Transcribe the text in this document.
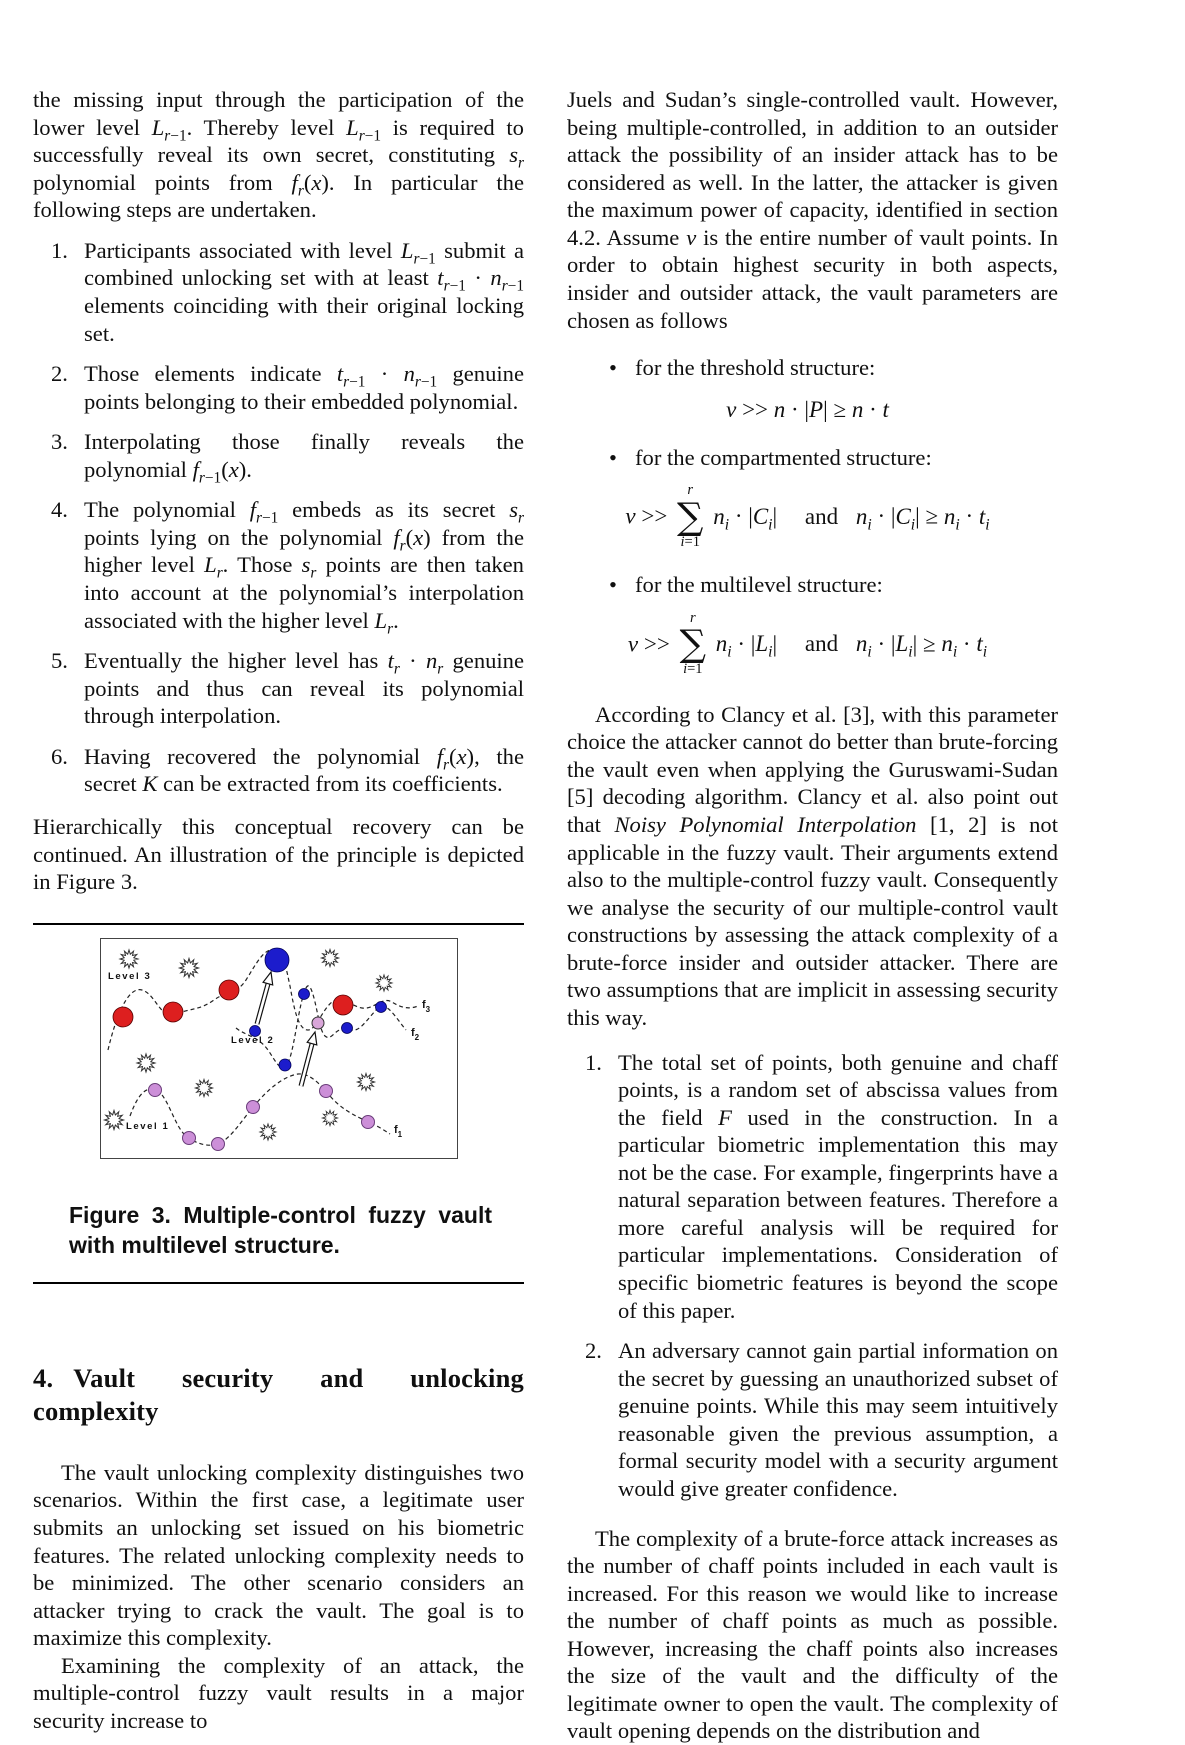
the missing input through the participation of the lower level $L_{r-1}$. Thereby level $L_{r-1}$ is required to successfully reveal its own secret, constituting $s_r$ polynomial points from $f_r(x)$. In particular the following steps are undertaken.

1. Participants associated with level $L_{r-1}$ submit a combined unlocking set with at least $t_{r-1} \cdot n_{r-1}$ elements coinciding with their original locking set.
2. Those elements indicate $t_{r-1} \cdot n_{r-1}$ genuine points belonging to their embedded polynomial.
3. Interpolating those finally reveals the polynomial $f_{r-1}(x)$.
4. The polynomial $f_{r-1}$ embeds as its secret $s_r$ points lying on the polynomial $f_r(x)$ from the higher level $L_r$. Those $s_r$ points are then taken into account at the polynomial’s interpolation associated with the higher level $L_r$.
5. Eventually the higher level has $t_r \cdot n_r$ genuine points and thus can reveal its polynomial through interpolation.
6. Having recovered the polynomial $f_r(x)$, the secret K can be extracted from its coefficients.

Hierarchically this conceptual recovery can be continued. An illustration of the principle is depicted in Figure 3.

Level 3
Level 2
Level 1
$f_3$
$f_2$
$f_1$
Figure 3. Multiple-control fuzzy vault with multilevel structure.
4. Vault security and unlocking complexity

The vault unlocking complexity distinguishes two scenarios. Within the first case, a legitimate user submits an unlocking set issued on his biometric features. The related unlocking complexity needs to be minimized. The other scenario considers an attacker trying to crack the vault. The goal is to maximize this complexity.

Examining the complexity of an attack, the multiple-control fuzzy vault results in a major security increase to

Juels and Sudan’s single-controlled vault. However, being multiple-controlled, in addition to an outsider attack the possibility of an insider attack has to be considered as well. In the latter, the attacker is given the maximum power of capacity, identified in section 4.2. Assume v is the entire number of vault points. In order to obtain highest security in both aspects, insider and outsider attack, the vault parameters are chosen as follows

• for the threshold structure:
v >> n · |P| ≥ n · t
• for the compartmented structure:
v >>
r
∑
i=1
$n_i \cdot |C_i|$ and $n_i \cdot |C_i| \ge n_i \cdot t_i$
• for the multilevel structure:
v >>
r
∑
i=1
$n_i \cdot |L_i|$ and $n_i \cdot |L_i| \ge n_i \cdot t_i$

According to Clancy et al. [3], with this parameter choice the attacker cannot do better than brute-forcing the vault even when applying the Guruswami-Sudan [5] decoding algorithm. Clancy et al. also point out that Noisy Polynomial Interpolation [1, 2] is not applicable in the fuzzy vault. Their arguments extend also to the multiple-control fuzzy vault. Consequently we analyse the security of our multiple-control vault constructions by assessing the attack complexity of a brute-force insider and outsider attacker. There are two assumptions that are implicit in assessing security this way.

1. The total set of points, both genuine and chaff points, is a random set of abscissa values from the field F used in the construction. In a particular biometric implementation this may not be the case. For example, fingerprints have a natural separation between features. Therefore a more careful analysis will be required for particular implementations. Consideration of specific biometric features is beyond the scope of this paper.
2. An adversary cannot gain partial information on the secret by guessing an unauthorized subset of genuine points. While this may seem intuitively reasonable given the previous assumption, a formal security model with a security argument would give greater confidence.

The complexity of a brute-force attack increases as the number of chaff points included in each vault is increased. For this reason we would like to increase the number of chaff points as much as possible. However, increasing the chaff points also increases the size of the vault and the difficulty of the legitimate owner to open the vault. The complexity of vault opening depends on the distribution and
